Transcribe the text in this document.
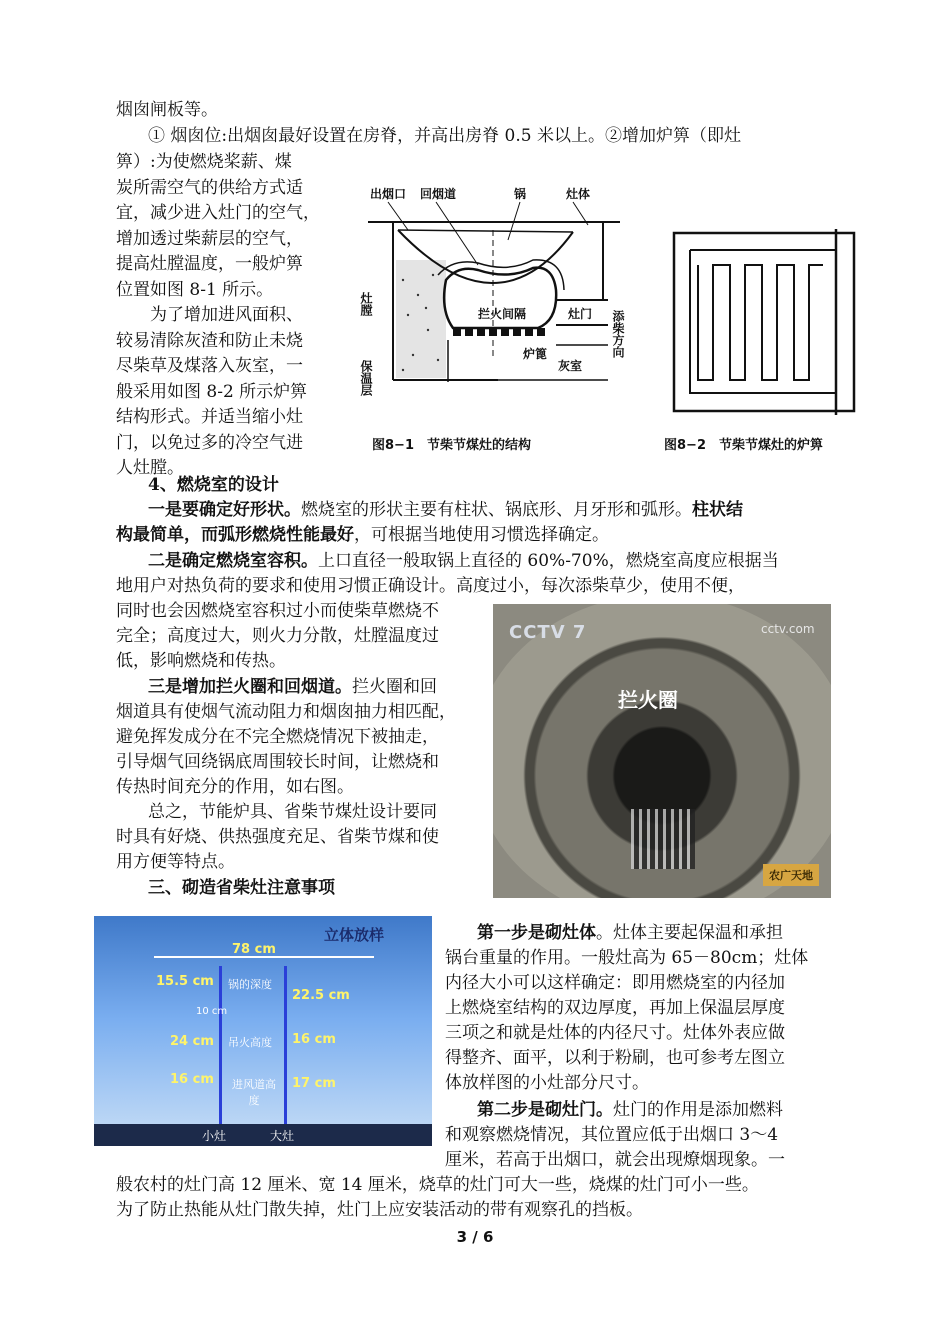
烟囱闸板等。

① 烟囱位:出烟囱最好设置在房脊，并高出房脊 0.5 米以上。②增加炉箅（即灶

箅）:为使燃烧桨薪、煤

炭所需空气的供给方式适

宜，减少进入灶门的空气，

增加透过柴薪层的空气，

提高灶膛温度，一般炉箅

位置如图 8-1 所示。

为了增加进风面积、

较易清除灰渣和防止未烧

尽柴草及煤落入灰室，一

般采用如图 8-2 所示炉箅

结构形式。并适当缩小灶

门，以免过多的冷空气进

人灶膛。

出烟口 回烟道	锅	灶体
灶膛	拦火间隔	灶门 添柴方向
保温层
炉篦
灰室
图8−1　节柴节煤灶的结构	图8−2　节柴节煤灶的炉箅

4、燃烧室的设计

一是要确定好形状。燃烧室的形状主要有柱状、锅底形、月牙形和弧形。柱状结

构最简单，而弧形燃烧性能最好，可根据当地使用习惯选择确定。

二是确定燃烧室容积。上口直径一般取锅上直径的 60%-70%，燃烧室高度应根据当

地用户对热负荷的要求和使用习惯正确设计。高度过小，每次添柴草少，使用不便，

同时也会因燃烧室容积过小而使柴草燃烧不

完全；高度过大，则火力分散，灶膛温度过

低，影响燃烧和传热。

三是增加拦火圈和回烟道。拦火圈和回

烟道具有使烟气流动阻力和烟囱抽力相匹配，

避免挥发成分在不完全燃烧情况下被抽走，

引导烟气回绕锅底周围较长时间，让燃烧和

传热时间充分的作用，如右图。

总之，节能炉具、省柴节煤灶设计要同

时具有好烧、供热强度充足、省柴节煤和使

用方便等特点。

三、砌造省柴灶注意事项

CCTV 7	cctv.com
拦火圈
农广天地
立体放样
78 cm
15.5 cm
10 cm
24 cm
16 cm
22.5 cm
16 cm
17 cm
锅的深度
吊火高度
进风道高度
小灶	大灶

第一步是砌灶体。灶体主要起保温和承担

锅台重量的作用。一般灶高为 65－80cm；灶体

内径大小可以这样确定：即用燃烧室的内径加

上燃烧室结构的双边厚度，再加上保温层厚度

三项之和就是灶体的内径尺寸。灶体外表应做

得整齐、面平，以利于粉刷，也可参考左图立

体放样图的小灶部分尺寸。

第二步是砌灶门。灶门的作用是添加燃料

和观察燃烧情况，其位置应低于出烟口 3～4

厘米，若高于出烟口，就会出现燎烟现象。一

般农村的灶门高 12 厘米、宽 14 厘米，烧草的灶门可大一些，烧煤的灶门可小一些。

为了防止热能从灶门散失掉，灶门上应安装活动的带有观察孔的挡板。

3 / 6
